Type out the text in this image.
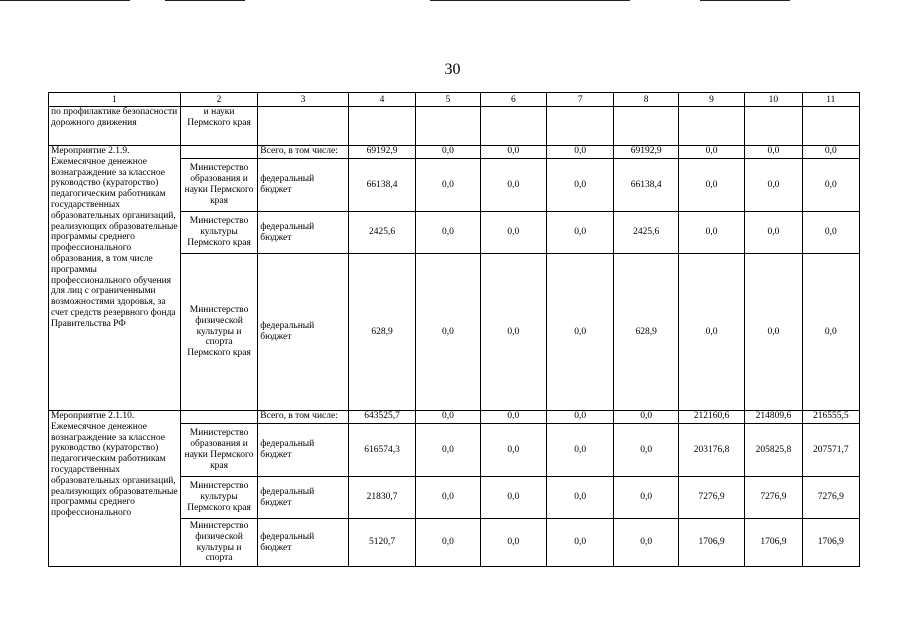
30
1	2	3	4	5	6	7	8	9	10	11
по профилактике безопасности дорожного движения	и науки Пермского края									

Мероприятие 2.1.9.
Ежемесячное денежное вознаграждение за классное руководство (кураторство) педагогическим работникам государственных образовательных организаций, реализующих образовательные программы среднего профессионального образования, в том числе программы профессионального обучения для лиц с ограниченными возможностями здоровья, за счет средств резервного фонда Правительства РФ		Всего, в том числе:	69192,9	0,0	0,0	0,0	69192,9	0,0	0,0	0,0
	Министерство образования и науки Пермского края	федеральный бюджет	66138,4	0,0	0,0	0,0	66138,4	0,0	0,0	0,0
	Министерство культуры Пермского края	федеральный бюджет	2425,6	0,0	0,0	0,0	2425,6	0,0	0,0	0,0
	Министерство физической культуры и спорта Пермского края	федеральный бюджет	628,9	0,0	0,0	0,0	628,9	0,0	0,0	0,0

Мероприятие 2.1.10.
Ежемесячное денежное вознаграждение за классное руководство (кураторство) педагогическим работникам государственных образовательных организаций, реализующих образовательные программы среднего профессионального		Всего, в том числе:	643525,7	0,0	0,0	0,0	0,0	212160,6	214809,6	216555,5
	Министерство образования и науки Пермского края	федеральный бюджет	616574,3	0,0	0,0	0,0	0,0	203176,8	205825,8	207571,7
	Министерство культуры Пермского края	федеральный бюджет	21830,7	0,0	0,0	0,0	0,0	7276,9	7276,9	7276,9
	Министерство физической культуры и спорта	федеральный бюджет	5120,7	0,0	0,0	0,0	0,0	1706,9	1706,9	1706,9
